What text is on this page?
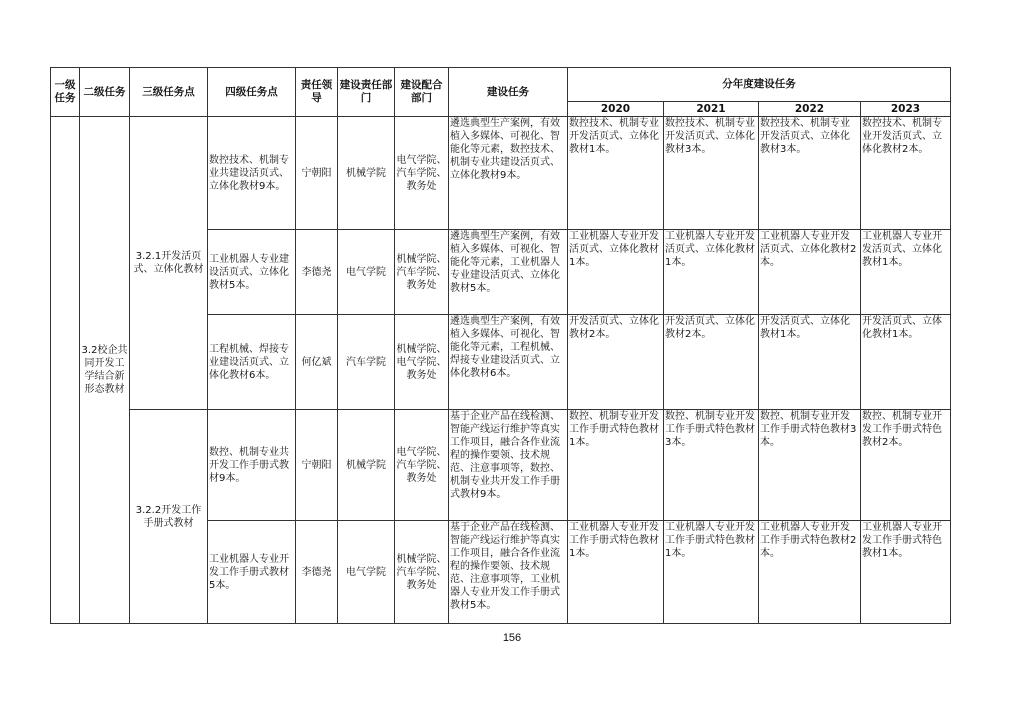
一级任务	二级任务	三级任务点	四级任务点	责任领导	建设责任部门	建设配合部门	建设任务	分年度建设任务			
								2020	2021	2022	2023
	3.2校企共同开发工学结合新形态教材	3.2.1开发活页式、立体化教材	数控技术、机制专业共建设活页式、立体化教材9本。	宁朝阳	机械学院	电气学院、汽车学院、教务处	遴选典型生产案例，有效植入多媒体、可视化、智能化等元素，数控技术、机制专业共建设活页式、立体化教材9本。	数控技术、机制专业开发活页式、立体化教材1本。	数控技术、机制专业开发活页式、立体化教材3本。	数控技术、机制专业开发活页式、立体化教材3本。	数控技术、机制专业开发活页式、立体化教材2本。
			工业机器人专业建设活页式、立体化教材5本。	李德尧	电气学院	机械学院、汽车学院、教务处	遴选典型生产案例，有效植入多媒体、可视化、智能化等元素，工业机器人专业建设活页式、立体化教材5本。	工业机器人专业开发活页式、立体化教材1本。	工业机器人专业开发活页式、立体化教材1本。	工业机器人专业开发活页式、立体化教材2本。	工业机器人专业开发活页式、立体化教材1本。
			工程机械、焊接专业建设活页式、立体化教材6本。	何亿斌	汽车学院	机械学院、电气学院、教务处	遴选典型生产案例，有效植入多媒体、可视化、智能化等元素，工程机械、焊接专业建设活页式、立体化教材6本。	开发活页式、立体化教材2本。	开发活页式、立体化教材2本。	开发活页式、立体化教材1本。	开发活页式、立体化教材1本。
		3.2.2开发工作手册式教材	数控、机制专业共开发工作手册式教材9本。	宁朝阳	机械学院	电气学院、汽车学院、教务处	基于企业产品在线检测、智能产线运行维护等真实工作项目，融合各作业流程的操作要领、技术规范、注意事项等，数控、机制专业共开发工作手册式教材9本。	数控、机制专业开发工作手册式特色教材1本。	数控、机制专业开发工作手册式特色教材3本。	数控、机制专业开发工作手册式特色教材3本。	数控、机制专业开发工作手册式特色教材2本。
			工业机器人专业开发工作手册式教材5本。	李德尧	电气学院	机械学院、汽车学院、教务处	基于企业产品在线检测、智能产线运行维护等真实工作项目，融合各作业流程的操作要领、技术规范、注意事项等，工业机器人专业开发工作手册式教材5本。	工业机器人专业开发工作手册式特色教材1本。	工业机器人专业开发工作手册式特色教材1本。	工业机器人专业开发工作手册式特色教材2本。	工业机器人专业开发工作手册式特色教材1本。
156
